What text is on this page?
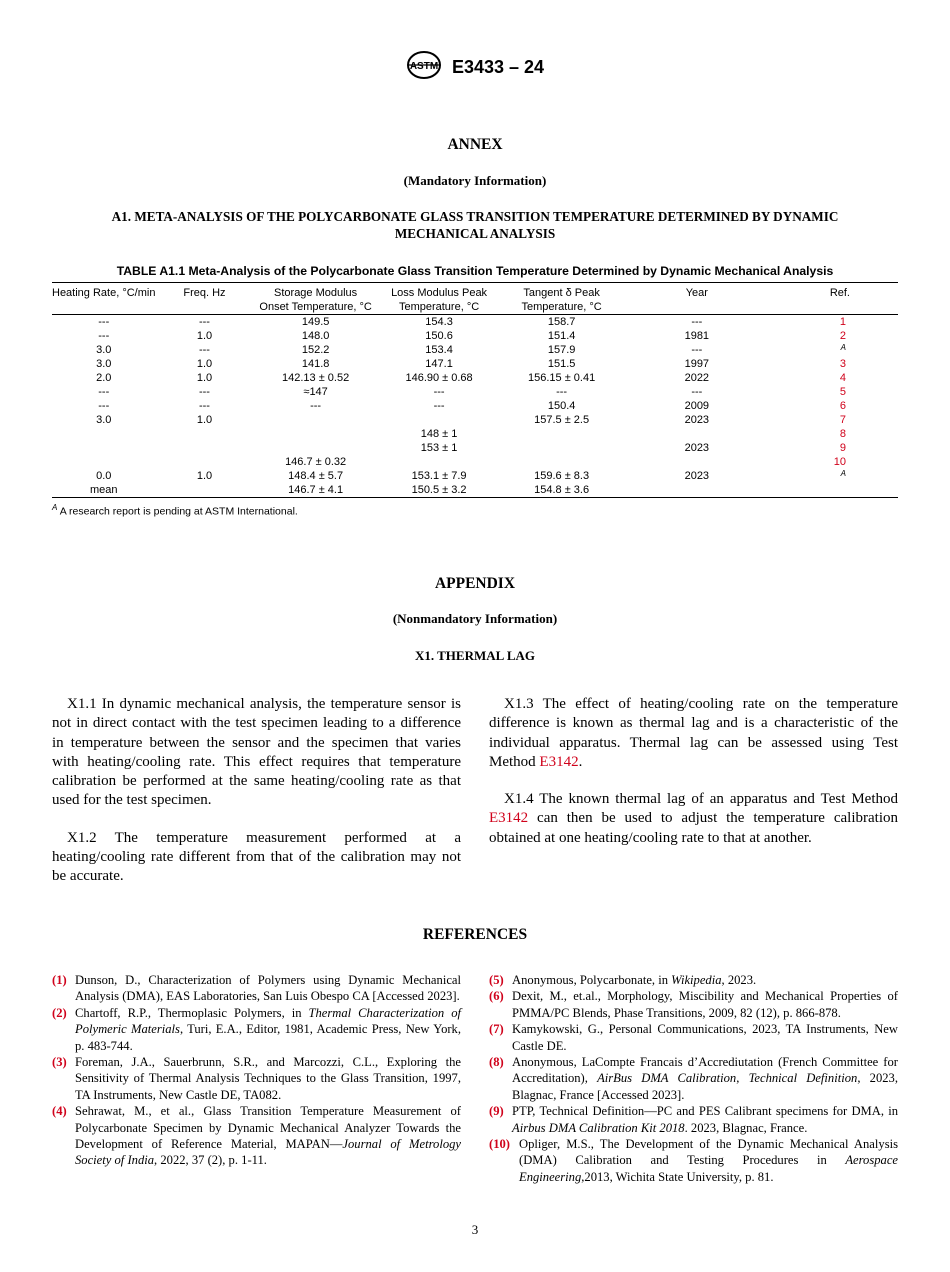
ASTM E3433 – 24
ANNEX
(Mandatory Information)
A1. META-ANALYSIS OF THE POLYCARBONATE GLASS TRANSITION TEMPERATURE DETERMINED BY DYNAMIC
MECHANICAL ANALYSIS
TABLE A1.1 Meta-Analysis of the Polycarbonate Glass Transition Temperature Determined by Dynamic Mechanical Analysis
Heating Rate, °C/min	Freq. Hz	Storage Modulus	Loss Modulus Peak	Tangent δ Peak	Year	Ref.
		Onset Temperature, °C	Temperature, °C	Temperature, °C		
---	---	149.5	154.3	158.7	---	1
---	1.0	148.0	150.6	151.4	1981	2
3.0	---	152.2	153.4	157.9	---	A
3.0	1.0	141.8	147.1	151.5	1997	3
2.0	1.0	142.13 ± 0.52	146.90 ± 0.68	156.15 ± 0.41	2022	4
---	---	≈147	---	---	---	5
---	---	---	---	150.4	2009	6
3.0	1.0			157.5 ± 2.5	2023	7
			148 ± 1			8
			153 ± 1		2023	9
		146.7 ± 0.32				10
0.0	1.0	148.4 ± 5.7	153.1 ± 7.9	159.6 ± 8.3	2023	A
mean		146.7 ± 4.1	150.5 ± 3.2	154.8 ± 3.6		
$^A$ A research report is pending at ASTM International.
APPENDIX
(Nonmandatory Information)
X1. THERMAL LAG

X1.1 In dynamic mechanical analysis, the temperature sensor is not in direct contact with the test specimen leading to a difference in temperature between the sensor and the specimen that varies with heating/cooling rate. This effect requires that temperature calibration be performed at the same heating/cooling rate as that used for the test specimen.

X1.2 The temperature measurement performed at a heating/cooling rate different from that of the calibration may not be accurate.

X1.3 The effect of heating/cooling rate on the temperature difference is known as thermal lag and is a characteristic of the individual apparatus. Thermal lag can be assessed using Test Method E3142.

X1.4 The known thermal lag of an apparatus and Test Method E3142 can then be used to adjust the temperature calibration obtained at one heating/cooling rate to that at another.

REFERENCES
(1) Dunson, D., Characterization of Polymers using Dynamic Mechanical Analysis (DMA), EAS Laboratories, San Luis Obespo CA [Accessed 2023].
(2) Chartoff, R.P., Thermoplasic Polymers, in Thermal Characterization of Polymeric Materials, Turi, E.A., Editor, 1981, Academic Press, New York, p. 483-744.
(3) Foreman, J.A., Sauerbrunn, S.R., and Marcozzi, C.L., Exploring the Sensitivity of Thermal Analysis Techniques to the Glass Transition, 1997, TA Instruments, New Castle DE, TA082.
(4) Sehrawat, M., et al., Glass Transition Temperature Measurement of Polycarbonate Specimen by Dynamic Mechanical Analyzer Towards the Development of Reference Material, MAPAN—Journal of Metrology Society of India, 2022, 37 (2), p. 1-11.
(5) Anonymous, Polycarbonate, in Wikipedia, 2023.
(6) Dexit, M., et.al., Morphology, Miscibility and Mechanical Properties of PMMA/PC Blends, Phase Transitions, 2009, 82 (12), p. 866-878.
(7) Kamykowski, G., Personal Communications, 2023, TA Instruments, New Castle DE.
(8) Anonymous, LaCompte Francais d’Accrediutation (French Committee for Accreditation), AirBus DMA Calibration, Technical Definition, 2023, Blagnac, France [Accessed 2023].
(9) PTP, Technical Definition—PC and PES Calibrant specimens for DMA, in Airbus DMA Calibration Kit 2018. 2023, Blagnac, France.
(10) Opliger, M.S., The Development of the Dynamic Mechanical Analysis (DMA) Calibration and Testing Procedures in Aerospace Engineering,2013, Wichita State University, p. 81.
3
